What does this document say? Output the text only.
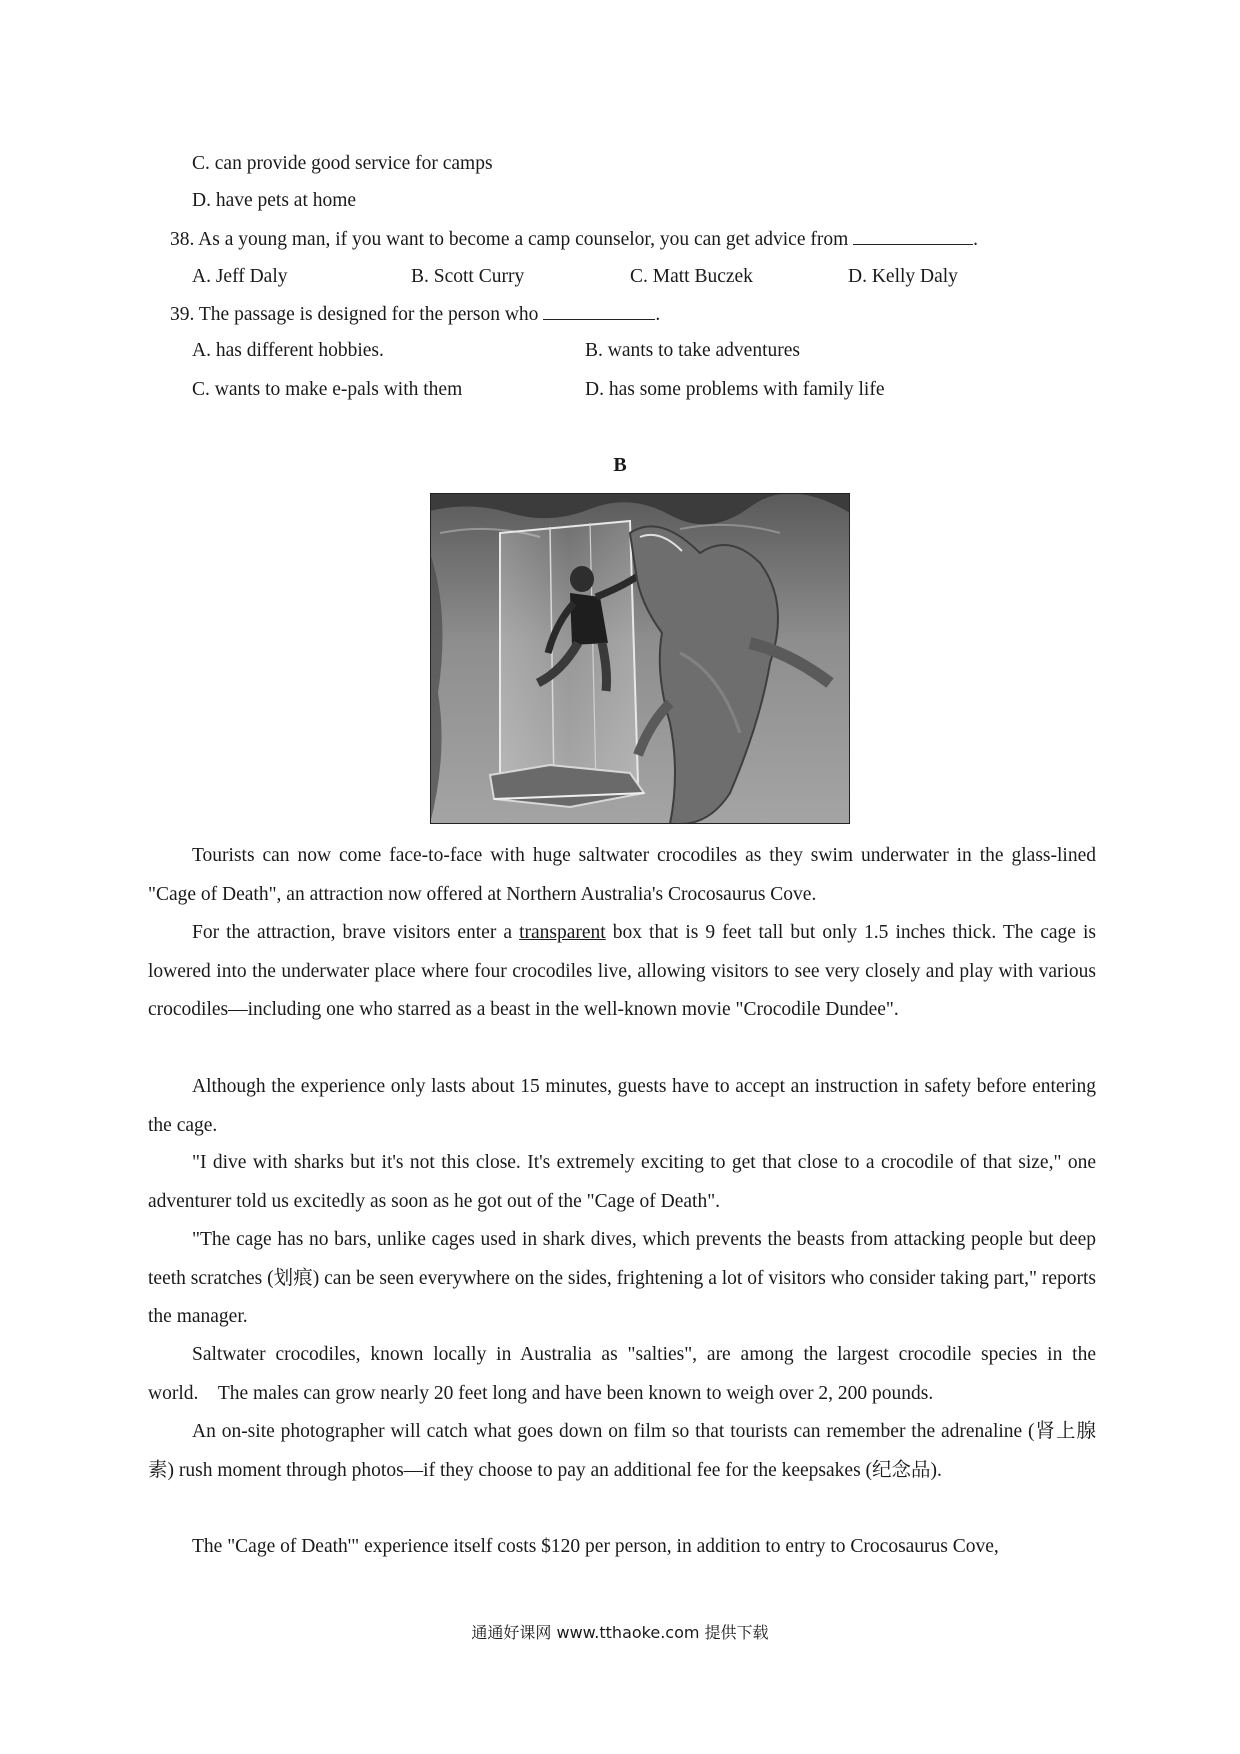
C. can provide good service for camps
D. have pets at home
38. As a young man, if you want to become a camp counselor, you can get advice from	.
A. Jeff Daly	B. Scott Curry	C. Matt Buczek	D. Kelly Daly
39. The passage is designed for the person who	.
A. has different hobbies.	B. wants to take adventures
C. wants to make e-pals with them	D. has some problems with family life
B
Tourists can now come face-to-face with huge saltwater crocodiles as they swim underwater in the glass-lined "Cage of Death", an attraction now offered at Northern Australia's Crocosaurus Cove.
For the attraction, brave visitors enter a transparent box that is 9 feet tall but only 1.5 inches thick. The cage is lowered into the underwater place where four crocodiles live, allowing visitors to see very closely and play with various crocodiles—including one who starred as a beast in the well-known movie "Crocodile Dundee".
Although the experience only lasts about 15 minutes, guests have to accept an instruction in safety before entering the cage.
"I dive with sharks but it's not this close. It's extremely exciting to get that close to a crocodile of that size," one adventurer told us excitedly as soon as he got out of the "Cage of Death".
"The cage has no bars, unlike cages used in shark dives, which prevents the beasts from attacking people but deep teeth scratches (划痕) can be seen everywhere on the sides, frightening a lot of visitors who consider taking part," reports the manager.
Saltwater crocodiles, known locally in Australia as "salties", are among the largest crocodile species in the world. The males can grow nearly 20 feet long and have been known to weigh over 2, 200 pounds.
An on-site photographer will catch what goes down on film so that tourists can remember the adrenaline (肾上腺素) rush moment through photos—if they choose to pay an additional fee for the keepsakes (纪念品).
The "Cage of Death'" experience itself costs $120 per person, in addition to entry to Crocosaurus Cove,
通通好课网 www.tthaoke.com 提供下载
